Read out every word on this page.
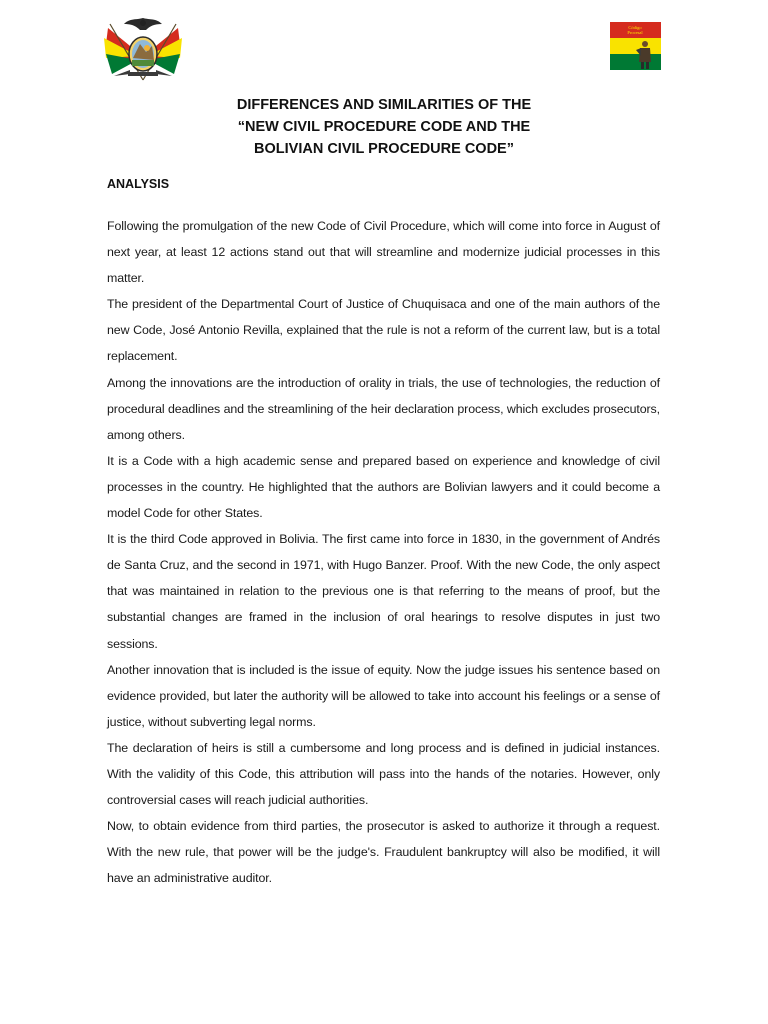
Código
Procesal
DIFFERENCES AND SIMILARITIES OF THE
“NEW CIVIL PROCEDURE CODE AND THE
BOLIVIAN CIVIL PROCEDURE CODE”
ANALYSIS

Following the promulgation of the new Code of Civil Procedure, which will come into force in August of next year, at least 12 actions stand out that will streamline and modernize judicial processes in this matter.

The president of the Departmental Court of Justice of Chuquisaca and one of the main authors of the new Code, José Antonio Revilla, explained that the rule is not a reform of the current law, but is a total replacement.

Among the innovations are the introduction of orality in trials, the use of technologies, the reduction of procedural deadlines and the streamlining of the heir declaration process, which excludes prosecutors, among others.

It is a Code with a high academic sense and prepared based on experience and knowledge of civil processes in the country. He highlighted that the authors are Bolivian lawyers and it could become a model Code for other States.

It is the third Code approved in Bolivia. The first came into force in 1830, in the government of Andrés de Santa Cruz, and the second in 1971, with Hugo Banzer. Proof. With the new Code, the only aspect that was maintained in relation to the previous one is that referring to the means of proof, but the substantial changes are framed in the inclusion of oral hearings to resolve disputes in just two sessions.

Another innovation that is included is the issue of equity. Now the judge issues his sentence based on evidence provided, but later the authority will be allowed to take into account his feelings or a sense of justice, without subverting legal norms.

The declaration of heirs is still a cumbersome and long process and is defined in judicial instances. With the validity of this Code, this attribution will pass into the hands of the notaries. However, only controversial cases will reach judicial authorities.

Now, to obtain evidence from third parties, the prosecutor is asked to authorize it through a request. With the new rule, that power will be the judge's. Fraudulent bankruptcy will also be modified, it will have an administrative auditor.
